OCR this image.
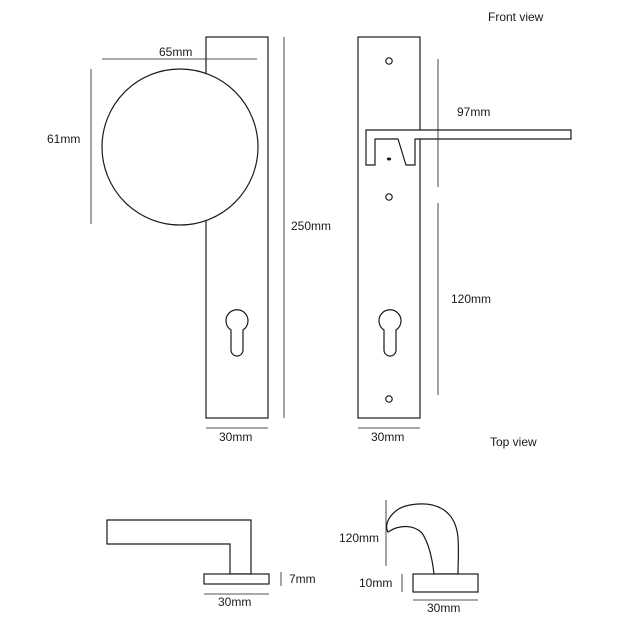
Front view
Top view
65mm
61mm
250mm
30mm
97mm
120mm
30mm
7mm
30mm
120mm
10mm
30mm
